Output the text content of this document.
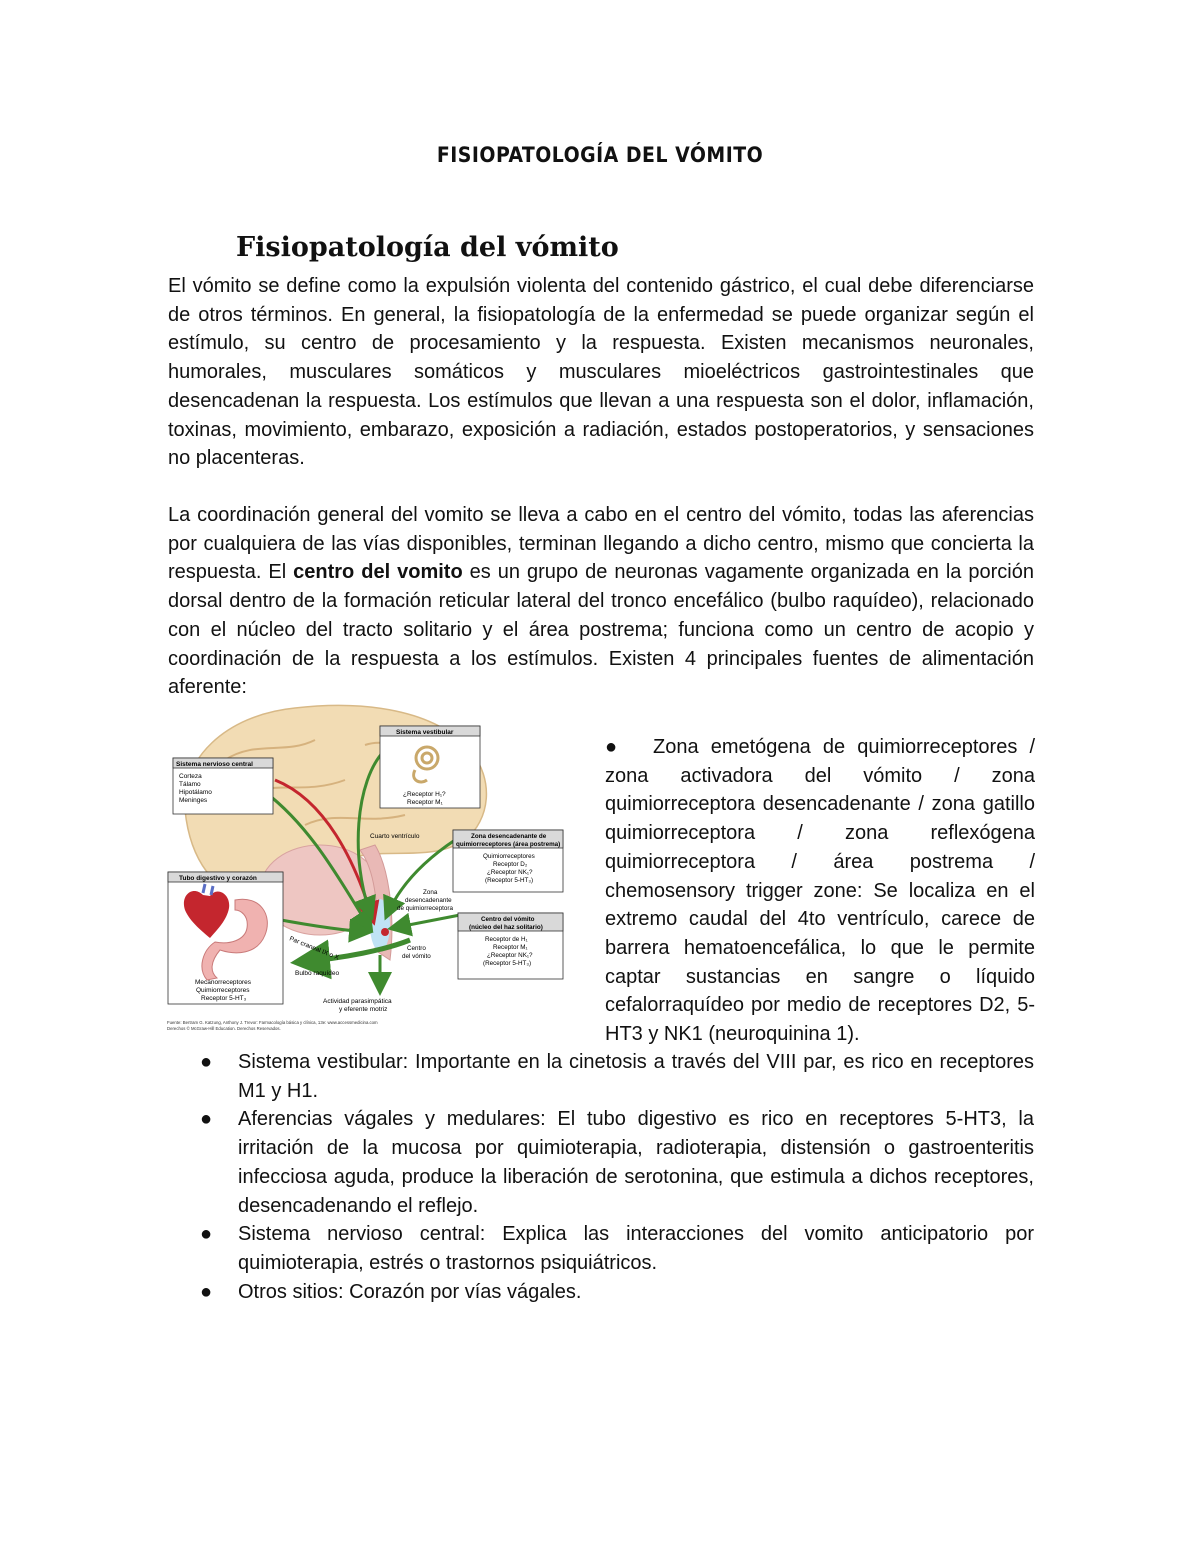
FISIOPATOLOGÍA DEL VÓMITO
Fisiopatología del vómito

El vómito se define como la expulsión violenta del contenido gástrico, el cual debe diferenciarse de otros términos. En general, la fisiopatología de la enfermedad se puede organizar según el estímulo, su centro de procesamiento y la respuesta. Existen mecanismos neuronales, humorales, musculares somáticos y musculares mioeléctricos gastrointestinales que desencadenan la respuesta. Los estímulos que llevan a una respuesta son el dolor, inflamación, toxinas, movimiento, embarazo, exposición a radiación, estados postoperatorios, y sensaciones no placenteras.

La coordinación general del vomito se lleva a cabo en el centro del vómito, todas las aferencias por cualquiera de las vías disponibles, terminan llegando a dicho centro, mismo que concierta la respuesta. El centro del vomito es un grupo de neuronas vagamente organizada en la porción dorsal dentro de la formación reticular lateral del tronco encefálico (bulbo raquídeo), relacionado con el núcleo del tracto solitario y el área postrema; funciona como un centro de acopio y coordinación de la respuesta a los estímulos. Existen 4 principales fuentes de alimentación aferente:

Sistema nervioso central
Corteza
Tálamo
Hipotálamo
Meninges
Sistema vestibular
¿Receptor H₁?
Receptor M₁
Cuarto ventrículo	Zona desencadenante de
quimiorreceptores (área postrema)
Quimiorreceptores
Receptor D₂
¿Receptor NK₁?
(Receptor 5-HT₃)
Zona
desencadenante
de quimiorreceptora
Tubo digestivo y corazón
Mecanorreceptores
Quimiorreceptores
Receptor 5-HT₃
Centro del vómito
(núcleo del haz solitario)
Receptor de H₁
Receptor M₁
¿Receptor NK₁?
(Receptor 5-HT₃)
Centro
del vómito
Par craneal IX o X
Bulbo raquídeo
Actividad parasimpática
y eferente motriz
Fuente: Bertram G. Katzung, Anthony J. Trevor: Farmacología básica y clínica, 13e: www.accessmedicina.com
Derechos © McGraw-Hill Education. Derechos Reservados.

● Zona emetógena de quimiorreceptores / zona activadora del vómito / zona quimiorreceptora desencadenante / zona gatillo quimiorreceptora / zona reflexógena quimiorreceptora / área postrema / chemosensory trigger zone: Se localiza en el extremo caudal del 4to ventrículo, carece de barrera hematoencefálica, lo que le permite captar sustancias en sangre o líquido cefalorraquídeo por medio de receptores D2, 5-HT3 y NK1 (neuroquinina 1).

● Sistema vestibular: Importante en la cinetosis a través del VIII par, es rico en receptores M1 y H1.
● Aferencias vágales y medulares: El tubo digestivo es rico en receptores 5-HT3, la irritación de la mucosa por quimioterapia, radioterapia, distensión o gastroenteritis infecciosa aguda, produce la liberación de serotonina, que estimula a dichos receptores, desencadenando el reflejo.
● Sistema nervioso central: Explica las interacciones del vomito anticipatorio por quimioterapia, estrés o trastornos psiquiátricos.
● Otros sitios: Corazón por vías vágales.
